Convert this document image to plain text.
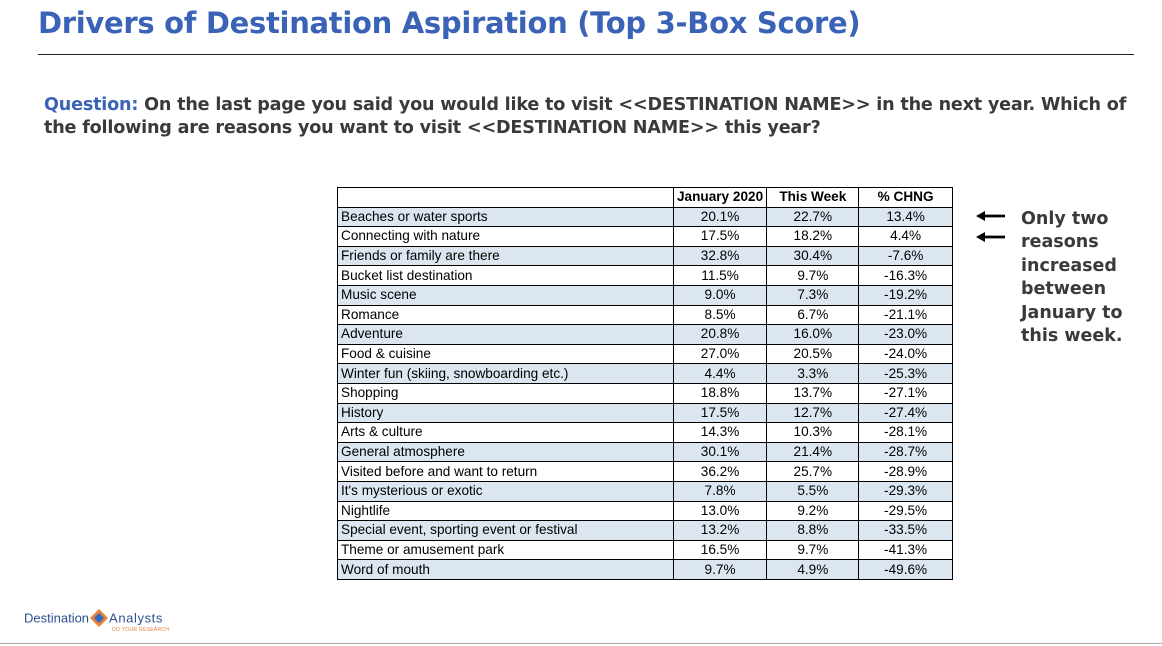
Drivers of Destination Aspiration (Top 3-Box Score)
Question: On the last page you said you would like to visit <<DESTINATION NAME>> in the next year. Which of the following are reasons you want to visit <<DESTINATION NAME>> this year?
	January 2020	This Week	% CHNG
Beaches or water sports	20.1%	22.7%	13.4%
Connecting with nature	17.5%	18.2%	4.4%
Friends or family are there	32.8%	30.4%	-7.6%
Bucket list destination	11.5%	9.7%	-16.3%
Music scene	9.0%	7.3%	-19.2%
Romance	8.5%	6.7%	-21.1%
Adventure	20.8%	16.0%	-23.0%
Food & cuisine	27.0%	20.5%	-24.0%
Winter fun (skiing, snowboarding etc.)	4.4%	3.3%	-25.3%
Shopping	18.8%	13.7%	-27.1%
History	17.5%	12.7%	-27.4%
Arts & culture	14.3%	10.3%	-28.1%
General atmosphere	30.1%	21.4%	-28.7%
Visited before and want to return	36.2%	25.7%	-28.9%
It's mysterious or exotic	7.8%	5.5%	-29.3%
Nightlife	13.0%	9.2%	-29.5%
Special event, sporting event or festival	13.2%	8.8%	-33.5%
Theme or amusement park	16.5%	9.7%	-41.3%
Word of mouth	9.7%	4.9%	-49.6%
Only two reasons increased between January to this week.
Destination Analysts
DO YOUR RESEARCH
